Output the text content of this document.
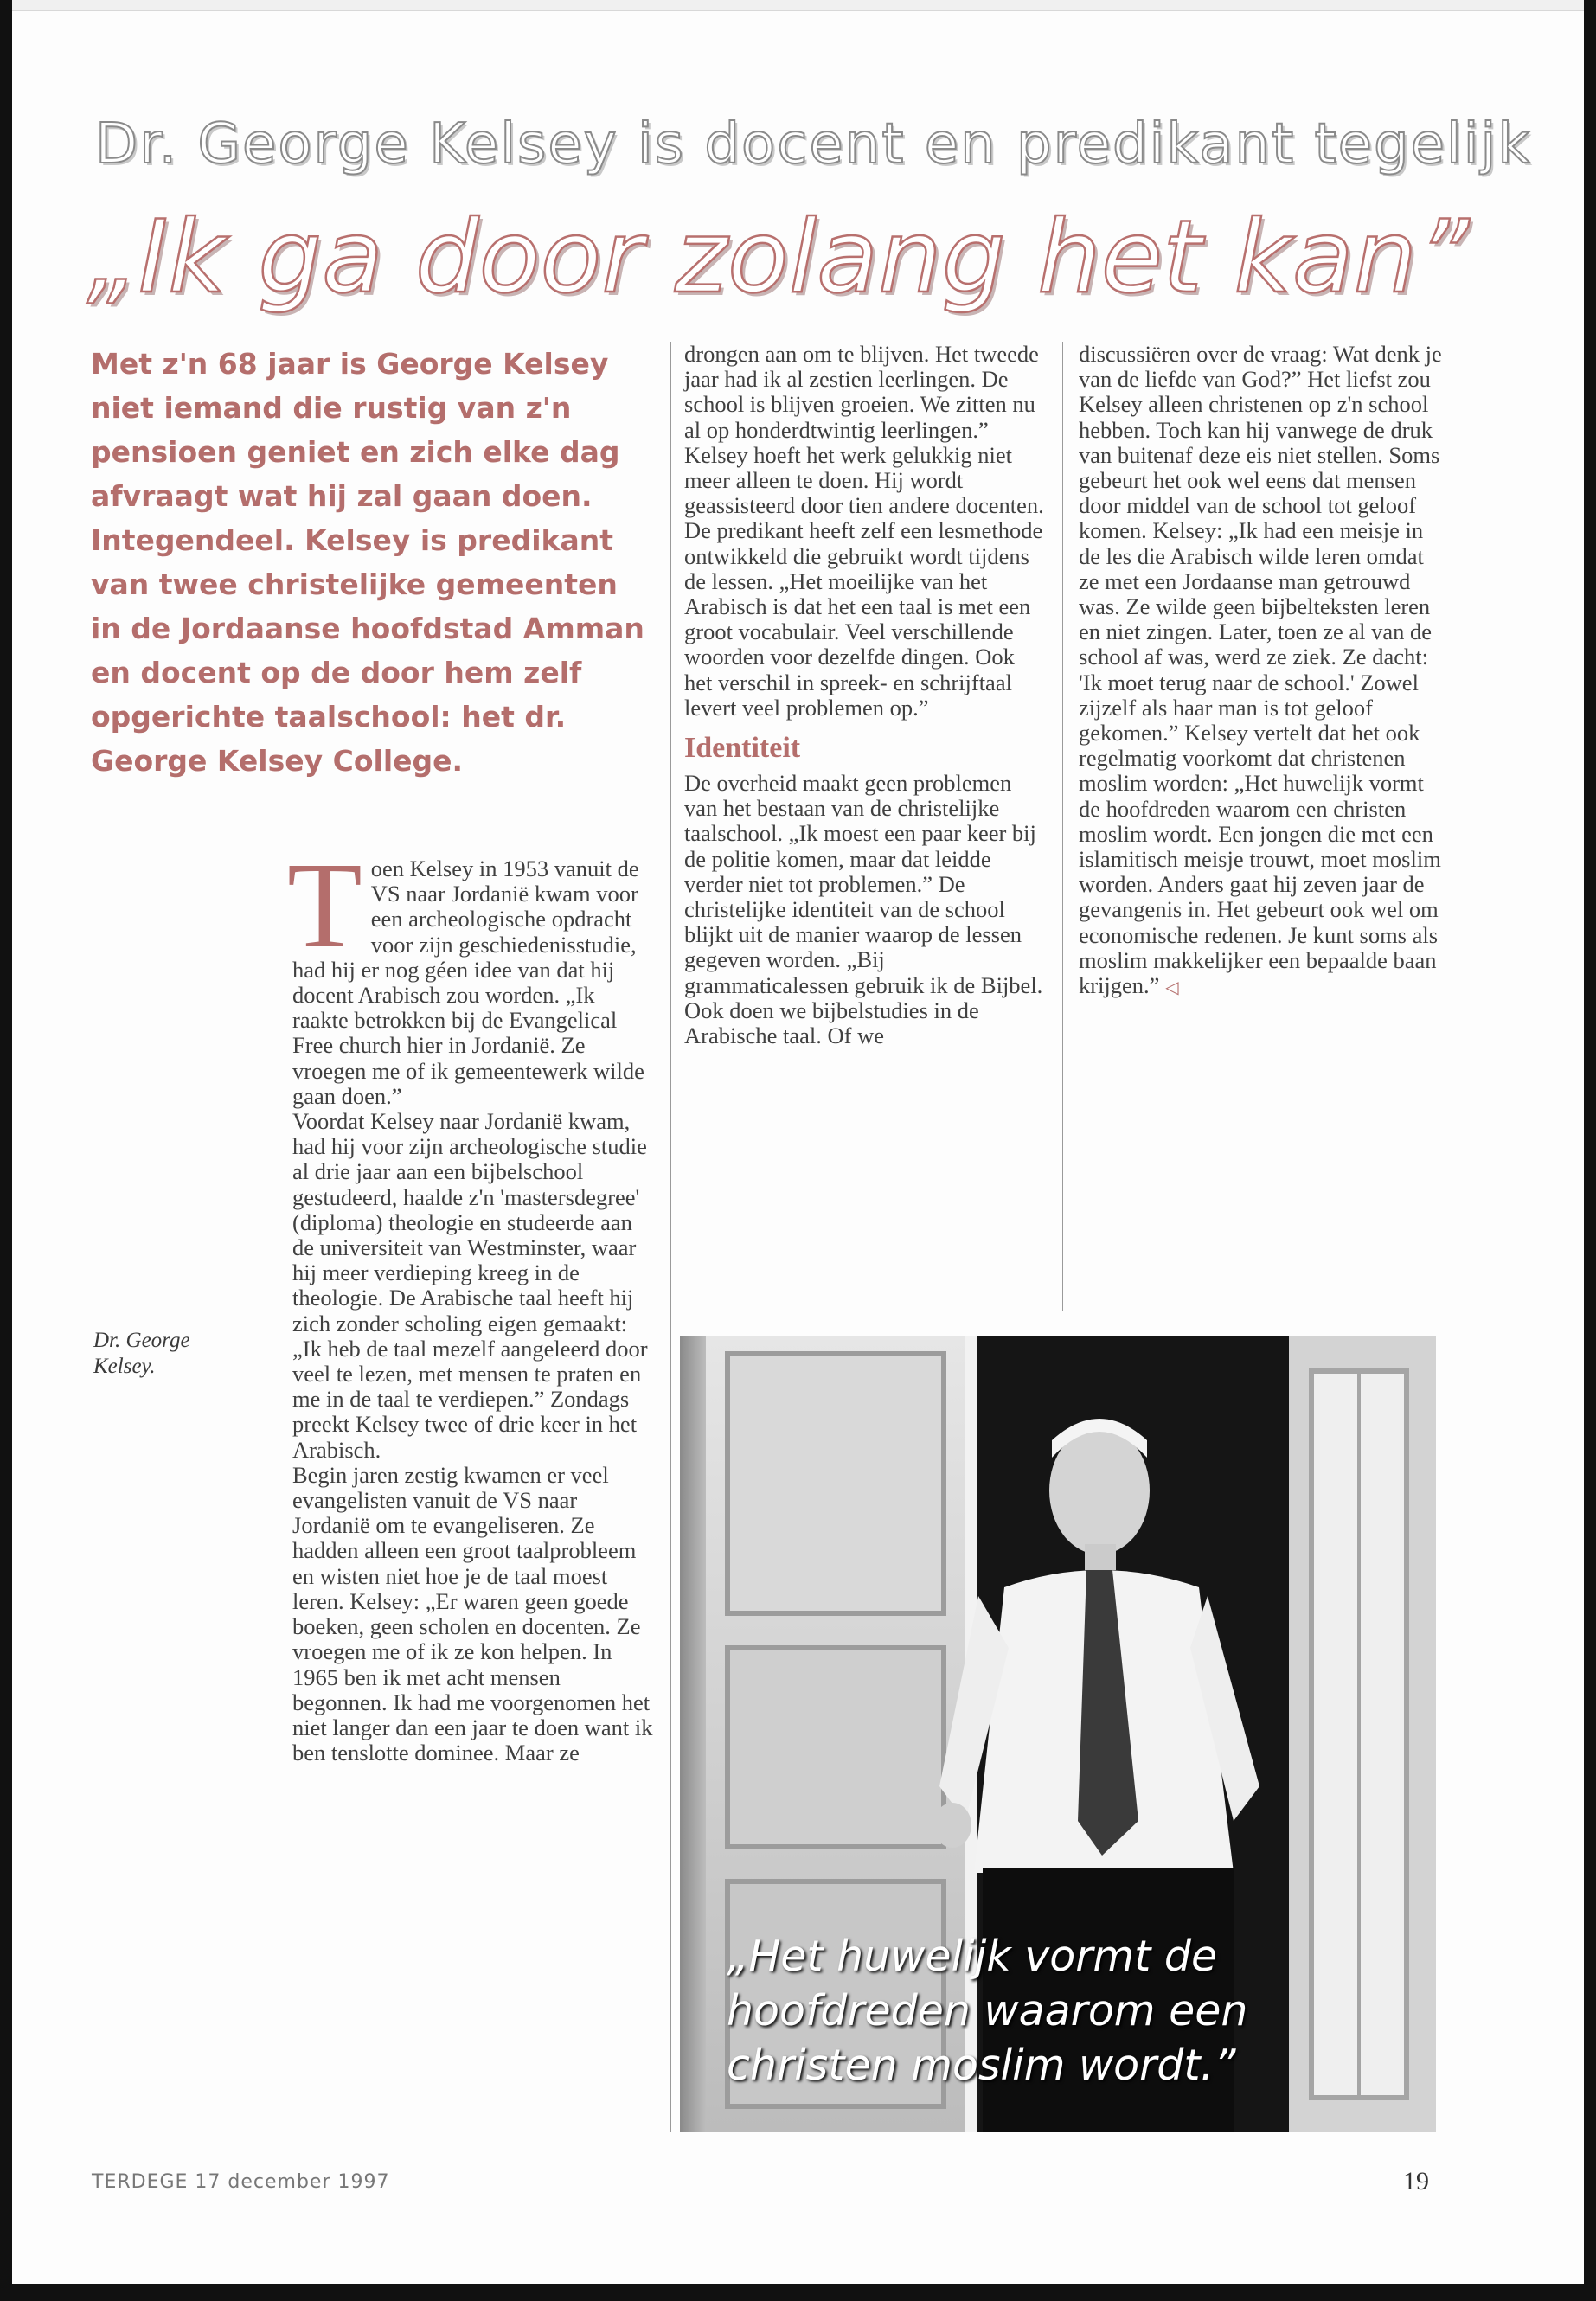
Dr. George Kelsey is docent en predikant tegelijk
„Ik ga door zolang het kan”
Met z'n 68 jaar is George Kelsey niet iemand die rustig van z'n pensioen geniet en zich elke dag afvraagt wat hij zal gaan doen. Integendeel. Kelsey is predikant van twee christelijke gemeenten in de Jordaanse hoofdstad Amman en docent op de door hem zelf opgerichte taalschool: het dr. George Kelsey College.
Dr. George Kelsey.

Toen Kelsey in 1953 vanuit de VS naar Jordanië kwam voor een archeologische opdracht voor zijn geschiedenisstudie, had hij er nog géen idee van dat hij docent Arabisch zou worden. „Ik raakte betrokken bij de Evangelical Free church hier in Jordanië. Ze vroegen me of ik gemeentewerk wilde gaan doen.”

Voordat Kelsey naar Jordanië kwam, had hij voor zijn archeologische studie al drie jaar aan een bijbelschool gestudeerd, haalde z'n 'mastersdegree' (diploma) theologie en studeerde aan de universiteit van Westminster, waar hij meer verdieping kreeg in de theologie. De Arabische taal heeft hij zich zonder scholing eigen gemaakt: „Ik heb de taal mezelf aangeleerd door veel te lezen, met mensen te praten en me in de taal te verdiepen.” Zondags preekt Kelsey twee of drie keer in het Arabisch.

Begin jaren zestig kwamen er veel evangelisten vanuit de VS naar Jordanië om te evangeliseren. Ze hadden alleen een groot taalprobleem en wisten niet hoe je de taal moest leren. Kelsey: „Er waren geen goede boeken, geen scholen en docenten. Ze vroegen me of ik ze kon helpen. In 1965 ben ik met acht mensen begonnen. Ik had me voorgenomen het niet langer dan een jaar te doen want ik ben tenslotte dominee. Maar ze

drongen aan om te blijven. Het tweede jaar had ik al zestien leerlingen. De school is blijven groeien. We zitten nu al op honderdtwintig leerlingen.” Kelsey hoeft het werk gelukkig niet meer alleen te doen. Hij wordt geassisteerd door tien andere docenten. De predikant heeft zelf een lesmethode ontwikkeld die gebruikt wordt tijdens de lessen. „Het moeilijke van het Arabisch is dat het een taal is met een groot vocabulair. Veel verschillende woorden voor dezelfde dingen. Ook het verschil in spreek- en schrijftaal levert veel problemen op.”

Identiteit

De overheid maakt geen problemen van het bestaan van de christelijke taalschool. „Ik moest een paar keer bij de politie komen, maar dat leidde verder niet tot problemen.” De christelijke identiteit van de school blijkt uit de manier waarop de lessen gegeven worden. „Bij grammaticalessen gebruik ik de Bijbel. Ook doen we bijbelstudies in de Arabische taal. Of we

discussiëren over de vraag: Wat denk je van de liefde van God?” Het liefst zou Kelsey alleen christenen op z'n school hebben. Toch kan hij vanwege de druk van buitenaf deze eis niet stellen. Soms gebeurt het ook wel eens dat mensen door middel van de school tot geloof komen. Kelsey: „Ik had een meisje in de les die Arabisch wilde leren omdat ze met een Jordaanse man getrouwd was. Ze wilde geen bijbelteksten leren en niet zingen. Later, toen ze al van de school af was, werd ze ziek. Ze dacht: 'Ik moet terug naar de school.' Zowel zijzelf als haar man is tot geloof gekomen.” Kelsey vertelt dat het ook regelmatig voorkomt dat christenen moslim worden: „Het huwelijk vormt de hoofdreden waarom een christen moslim wordt. Een jongen die met een islamitisch meisje trouwt, moet moslim worden. Anders gaat hij zeven jaar de gevangenis in. Het gebeurt ook wel om economische redenen. Je kunt soms als moslim makkelijker een bepaalde baan krijgen.” ◁

„Het huwelijk vormt de hoofdreden waarom een christen moslim wordt.”
TERDEGE 17 december 1997	19
